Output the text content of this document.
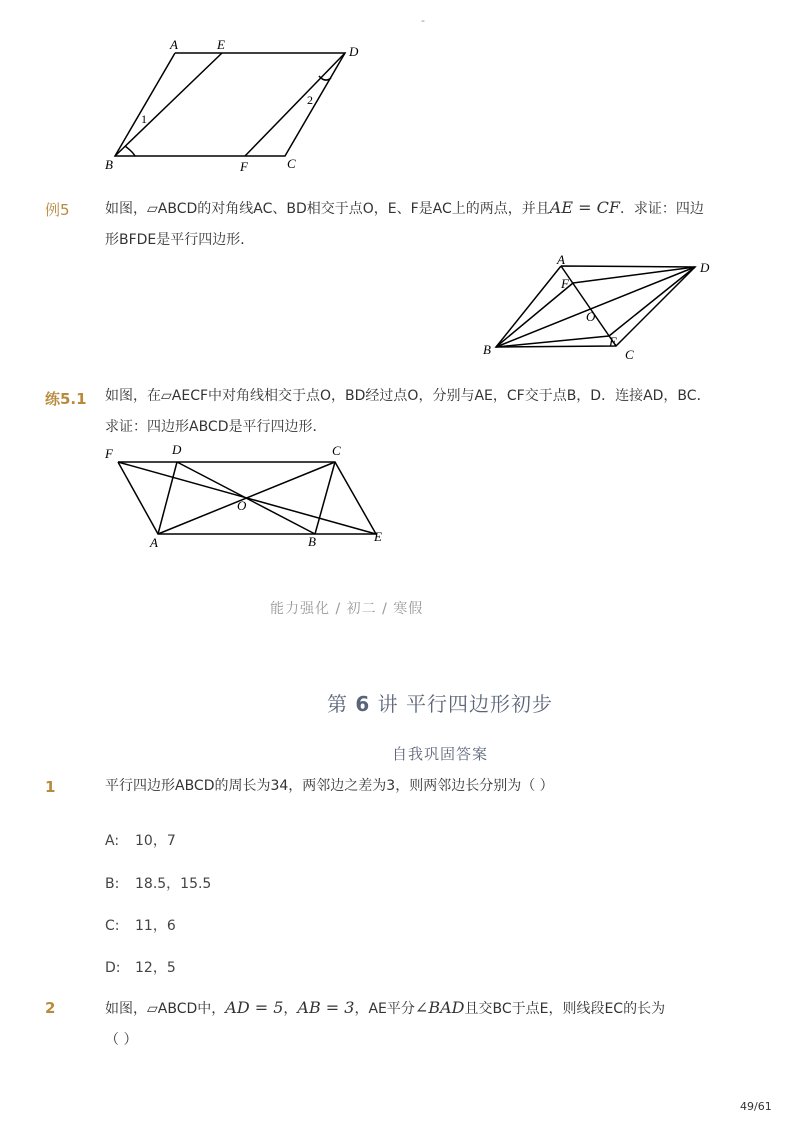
-
A	E	D
B	F	C
1
2
例5	如图，▱ABCD的对角线AC、BD相交于点O，E、F是AC上的两点，并且AE = CF．求证：四边
形BFDE是平行四边形．
A
D
F
O
B
E
C
练5.1 如图，在▱AECF中对角线相交于点O，BD经过点O，分别与AE，CF交于点B，D．连接AD，BC．
求证：四边形ABCD是平行四边形．
F	D	C
O
A	B	E
能力强化 / 初二 / 寒假
第 6 讲 平行四边形初步
自我巩固答案
1	平行四边形ABCD的周长为34，两邻边之差为3，则两邻边长分别为（ ）
A: 10，7
B: 18.5，15.5
C: 11，6
D: 12，5
2	如图，▱ABCD中，AD = 5，AB = 3，AE平分∠BAD且交BC于点E，则线段EC的长为
（ ）
49/61
